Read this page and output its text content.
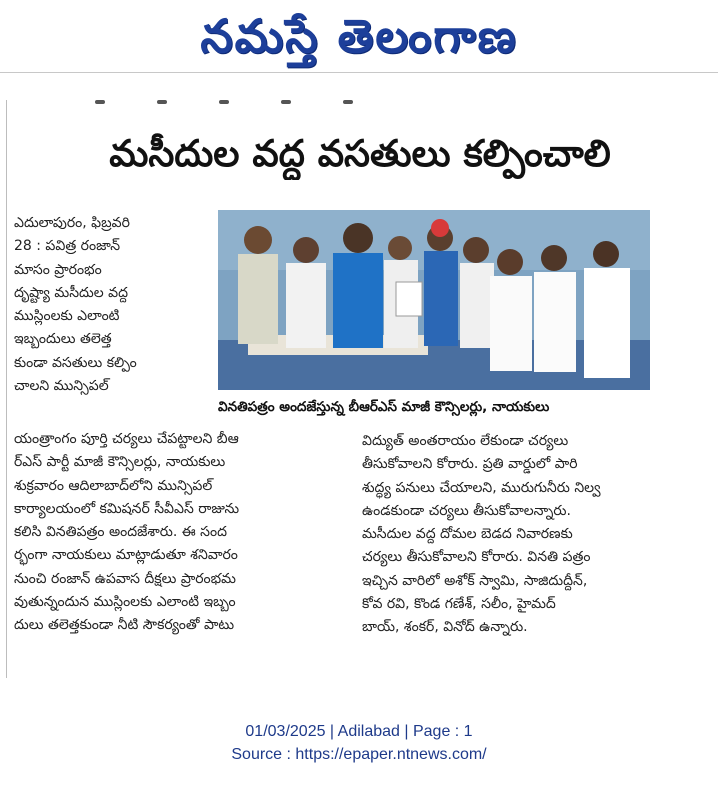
నమస్తే తెలంగాణ
మసీదుల వద్ద వసతులు కల్పించాలి
ఎదులాపురం, ఫిబ్రవరి
28 : పవిత్ర రంజాన్
మాసం ప్రారంభం
దృష్ట్యా మసీదుల వద్ద
ముస్లింలకు ఎలాంటి
ఇబ్బందులు తలెత్త
కుండా వసతులు కల్పిం
చాలని మున్సిపల్
వినతిపత్రం అందజేస్తున్న బీఆర్ఎస్ మాజీ కౌన్సిలర్లు, నాయకులు
యంత్రాంగం పూర్తి చర్యలు చేపట్టాలని బీఆ
ర్ఎస్ పార్టీ మాజీ కౌన్సిలర్లు, నాయకులు
శుక్రవారం ఆదిలాబాద్‌లోని మున్సిపల్
కార్యాలయంలో కమిషనర్ సీవీఎస్ రాజును
కలిసి వినతిపత్రం అందజేశారు. ఈ సంద
ర్భంగా నాయకులు మాట్లాడుతూ శనివారం
నుంచి రంజాన్ ఉపవాస దీక్షలు ప్రారంభమ
వుతున్నందున ముస్లింలకు ఎలాంటి ఇబ్బం
దులు తలెత్తకుండా నీటి సౌకర్యంతో పాటు
విద్యుత్ అంతరాయం లేకుండా చర్యలు
తీసుకోవాలని కోరారు. ప్రతి వార్డులో పారి
శుద్ధ్య పనులు చేయాలని, మురుగునీరు నిల్వ
ఉండకుండా చర్యలు తీసుకోవాలన్నారు.
మసీదుల వద్ద దోమల బెడద నివారణకు
చర్యలు తీసుకోవాలని కోరారు. వినతి పత్రం
ఇచ్చిన వారిలో అశోక్ స్వామి, సాజిదుద్దీన్,
కోవ రవి, కొండ గణేశ్, సలీం, హైమద్
బాయ్, శంకర్, వినోద్ ఉన్నారు.
01/03/2025 | Adilabad | Page : 1
Source : https://epaper.ntnews.com/
